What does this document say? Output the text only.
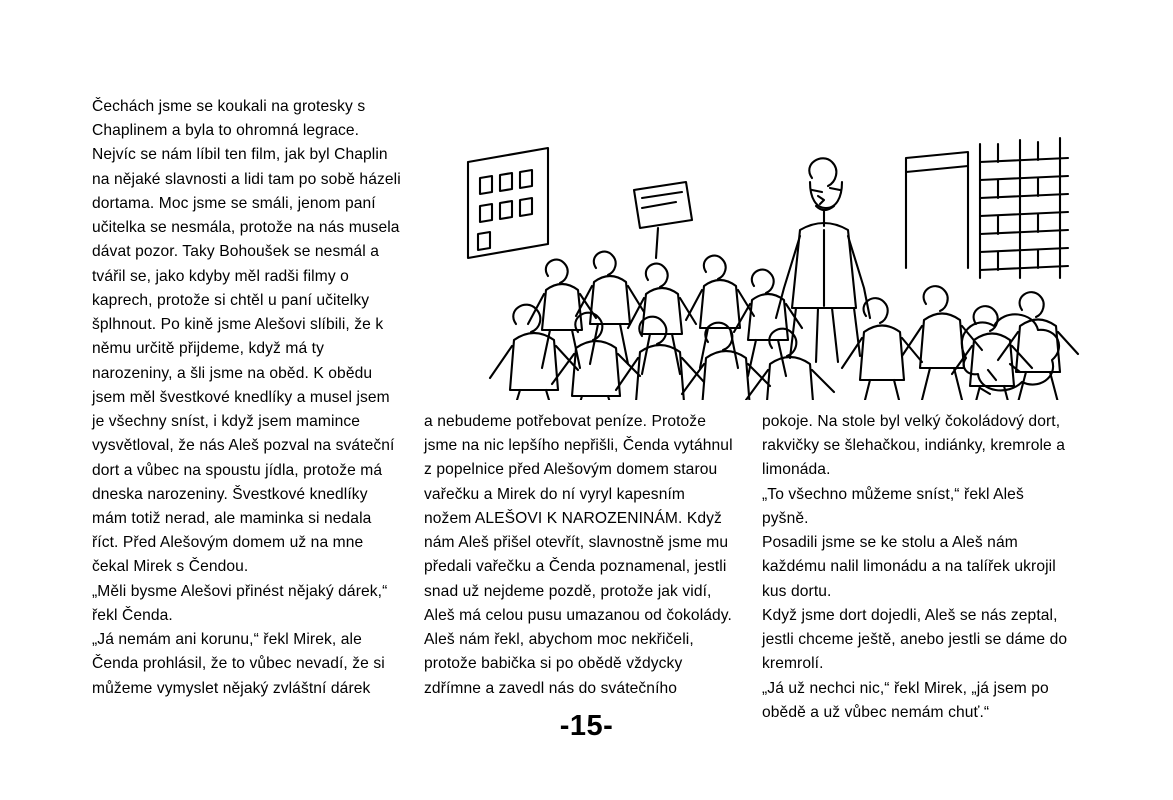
Čechách jsme se koukali na grotesky s Chaplinem a byla to ohromná legrace. Nejvíc se nám líbil ten film, jak byl Chaplin na nějaké slavnosti a lidi tam po sobě házeli dortama. Moc jsme se smáli, jenom paní učitelka se nesmála, protože na nás musela dávat pozor. Taky Bohoušek se nesmál a tvářil se, jako kdyby měl radši filmy o kaprech, protože si chtěl u paní učitelky šplhnout. Po kině jsme Alešovi slíbili, že k němu určitě přijdeme, když má ty narozeniny, a šli jsme na oběd. K obědu jsem měl švestkové knedlíky a musel jsem je všechny sníst, i když jsem mamince vysvětloval, že nás Aleš pozval na sváteční dort a vůbec na spoustu jídla, protože má dneska narozeniny. Švestkové knedlíky mám totiž nerad, ale maminka si nedala říct. Před Alešovým domem už na mne čekal Mirek s Čendou.

„Měli bysme Alešovi přinést nějaký dárek,“ řekl Čenda.

„Já nemám ani korunu,“ řekl Mirek, ale Čenda prohlásil, že to vůbec nevadí, že si můžeme vymyslet nějaký zvláštní dárek

a nebudeme potřebovat peníze. Protože jsme na nic lepšího nepřišli, Čenda vytáhnul z popelnice před Alešovým domem starou vařečku a Mirek do ní vyryl kapesním nožem ALEŠOVI K NAROZENINÁM. Když nám Aleš přišel otevřít, slavnostně jsme mu předali vařečku a Čenda poznamenal, jestli snad už nejdeme pozdě, protože jak vidí, Aleš má celou pusu umazanou od čokolády. Aleš nám řekl, abychom moc nekřičeli, protože babička si po obědě vždycky zdřímne a zavedl nás do svátečního

pokoje. Na stole byl velký čokoládový dort, rakvičky se šlehačkou, indiánky, kremrole a limonáda.

„To všechno můžeme sníst,“ řekl Aleš pyšně.

Posadili jsme se ke stolu a Aleš nám každému nalil limonádu a na talířek ukrojil kus dortu.

Když jsme dort dojedli, Aleš se nás zeptal, jestli chceme ještě, anebo jestli se dáme do kremrolí.

„Já už nechci nic,“ řekl Mirek, „já jsem po obědě a už vůbec nemám chuť.“

-15-
